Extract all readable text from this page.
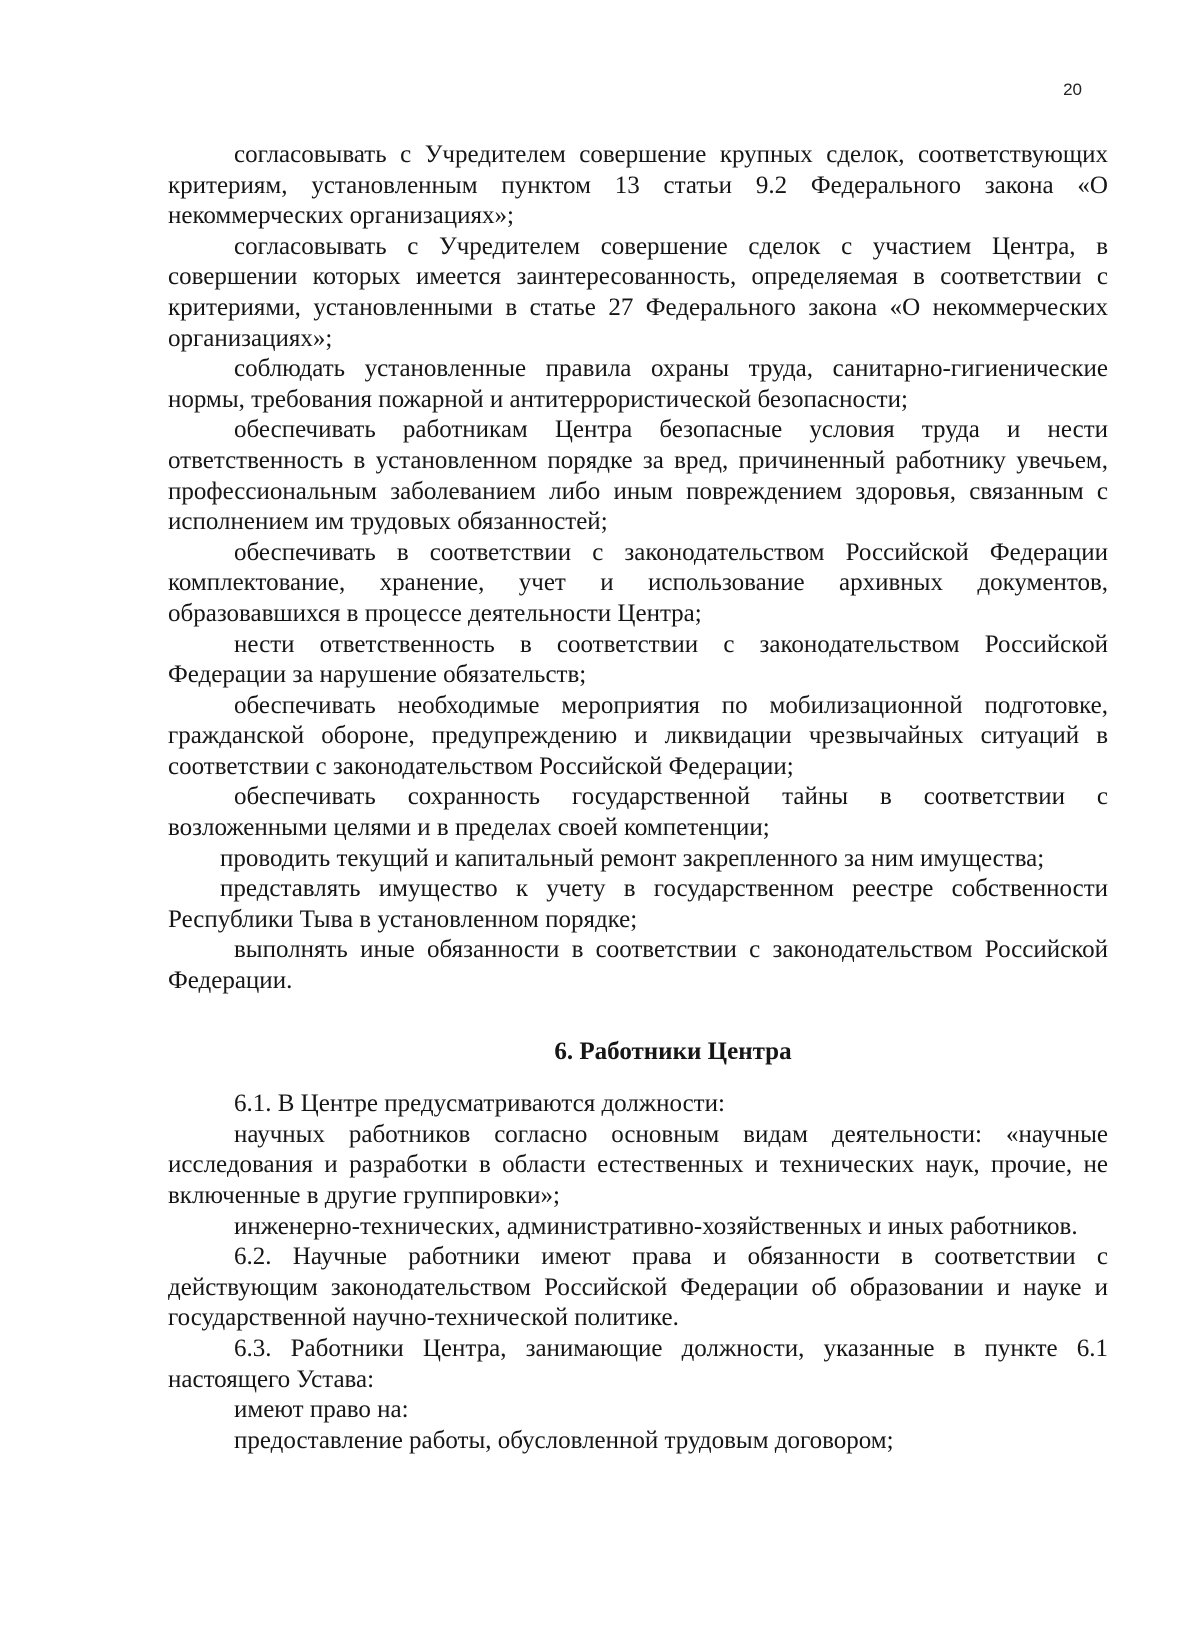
20

согласовывать с Учредителем совершение крупных сделок, соответствующих критериям, установленным пунктом 13 статьи 9.2 Федерального закона «О некоммерческих организациях»;

согласовывать с Учредителем совершение сделок с участием Центра, в совершении которых имеется заинтересованность, определяемая в соответствии с критериями, установленными в статье 27 Федерального закона «О некоммерческих организациях»;

соблюдать установленные правила охраны труда, санитарно-гигиенические нормы, требования пожарной и антитеррористической безопасности;

обеспечивать работникам Центра безопасные условия труда и нести ответственность в установленном порядке за вред, причиненный работнику увечьем, профессиональным заболеванием либо иным повреждением здоровья, связанным с исполнением им трудовых обязанностей;

обеспечивать в соответствии с законодательством Российской Федерации комплектование, хранение, учет и использование архивных документов, образовавшихся в процессе деятельности Центра;

нести ответственность в соответствии с законодательством Российской Федерации за нарушение обязательств;

обеспечивать необходимые мероприятия по мобилизационной подготовке, гражданской обороне, предупреждению и ликвидации чрезвычайных ситуаций в соответствии с законодательством Российской Федерации;

обеспечивать сохранность государственной тайны в соответствии с возложенными целями и в пределах своей компетенции;

проводить текущий и капитальный ремонт закрепленного за ним имущества;

представлять имущество к учету в государственном реестре собственности Республики Тыва в установленном порядке;

выполнять иные обязанности в соответствии с законодательством Российской Федерации.

6. Работники Центра

6.1. В Центре предусматриваются должности:

научных работников согласно основным видам деятельности: «научные исследования и разработки в области естественных и технических наук, прочие, не включенные в другие группировки»;

инженерно-технических, административно-хозяйственных и иных работников.

6.2. Научные работники имеют права и обязанности в соответствии с действующим законодательством Российской Федерации об образовании и науке и государственной научно-технической политике.

6.3. Работники Центра, занимающие должности, указанные в пункте 6.1 настоящего Устава:

имеют право на:

предоставление работы, обусловленной трудовым договором;
